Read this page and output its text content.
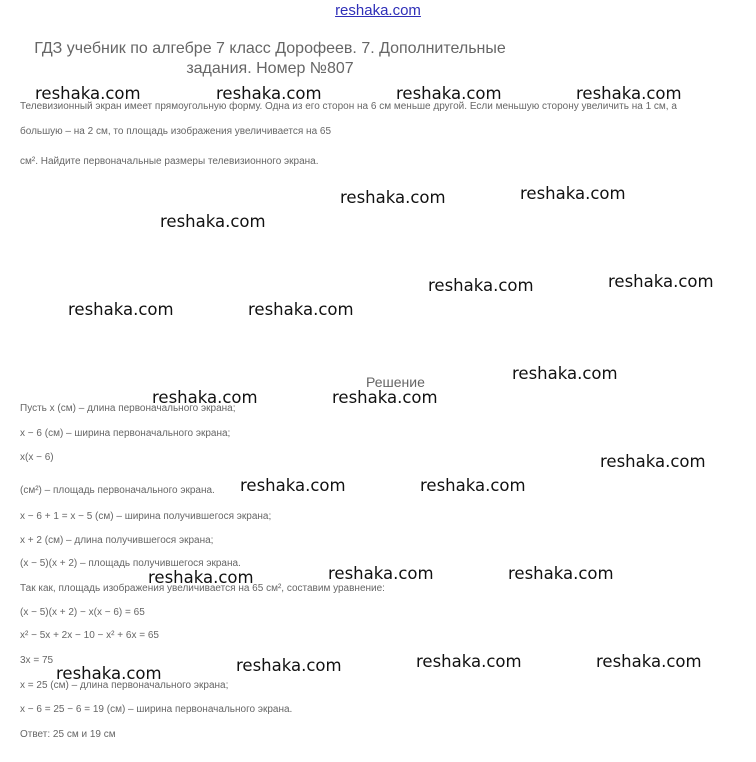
reshaka.com
ГДЗ учебник по алгебре 7 класс Дорофеев. 7. Дополнительные задания. Номер №807
Телевизионный экран имеет прямоугольную форму. Одна из его сторон на 6 см меньше другой. Если меньшую сторону увеличить на 1 см, а
большую – на 2 см, то площадь изображения увеличивается на 65
см². Найдите первоначальные размеры телевизионного экрана.
Решение
Пусть x (см) – длина первоначального экрана;
x − 6 (см) – ширина первоначального экрана;
x(x − 6)
(см²) – площадь первоначального экрана.
x − 6 + 1 = x − 5 (см) – ширина получившегося экрана;
x + 2 (см) – длина получившегося экрана;
(x − 5)(x + 2) – площадь получившегося экрана.
Так как, площадь изображения увеличивается на 65 см², составим уравнение:
(x − 5)(x + 2) − x(x − 6) = 65
x² − 5x + 2x − 10 − x² + 6x = 65
3x = 75
x = 25 (см) – длина первоначального экрана;
x − 6 = 25 − 6 = 19 (см) – ширина первоначального экрана.
Ответ: 25 см и 19 см
reshaka.com	reshaka.com	reshaka.com	reshaka.com
reshaka.com
reshaka.com
reshaka.com
reshaka.com
reshaka.com
reshaka.com	reshaka.com
reshaka.com
reshaka.com	reshaka.com
reshaka.com
reshaka.com	reshaka.com
reshaka.com	reshaka.com
reshaka.com
reshaka.com	reshaka.com
reshaka.com
reshaka.com
